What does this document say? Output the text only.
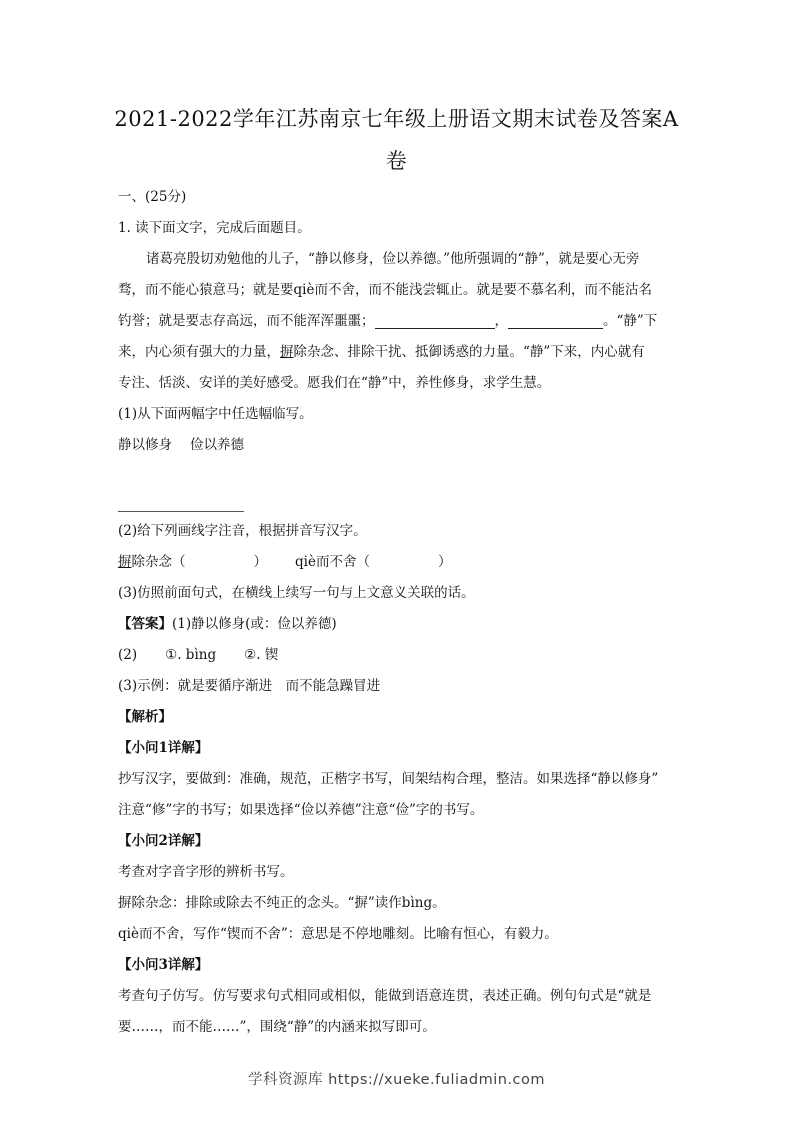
2021-2022学年江苏南京七年级上册语文期末试卷及答案A
卷
一、(25分)
1. 读下面文字，完成后面题目。
诸葛亮殷切劝勉他的儿子，“静以修身，俭以养德。”他所强调的“静”，就是要心无旁
骛，而不能心猿意马；就是要qiè而不舍，而不能浅尝辄止。就是要不慕名利，而不能沽名
钓誉；就是要志存高远，而不能浑浑噩噩；	，	。“静”下
来，内心须有强大的力量，摒除杂念、排除干扰、抵御诱惑的力量。“静”下来，内心就有
专注、恬淡、安详的美好感受。愿我们在“静”中，养性修身，求学生慧。
(1)从下面两幅字中任选幅临写。
静以修身 俭以养德
(2)给下列画线字注音，根据拼音写汉字。
摒除杂念（	） qiè而不舍（	）
(3)仿照前面句式，在横线上续写一句与上文意义关联的话。
【答案】(1)静以修身(或：俭以养德)
(2) ①. bìng ②. 锲
(3)示例：就是要循序渐进　而不能急躁冒进
【解析】
【小问1详解】
抄写汉字，要做到：准确，规范，正楷字书写，间架结构合理，整洁。如果选择“静以修身”
注意“修”字的书写；如果选择“俭以养德”注意“俭”字的书写。
【小问2详解】
考查对字音字形的辨析书写。
摒除杂念：排除或除去不纯正的念头。“摒”读作bìng。
qiè而不舍，写作“锲而不舍”：意思是不停地雕刻。比喻有恒心，有毅力。
【小问3详解】
考查句子仿写。仿写要求句式相同或相似，能做到语意连贯，表述正确。例句句式是“就是
要……，而不能……”，围绕“静”的内涵来拟写即可。
学科资源库 https://xueke.fuliadmin.com
